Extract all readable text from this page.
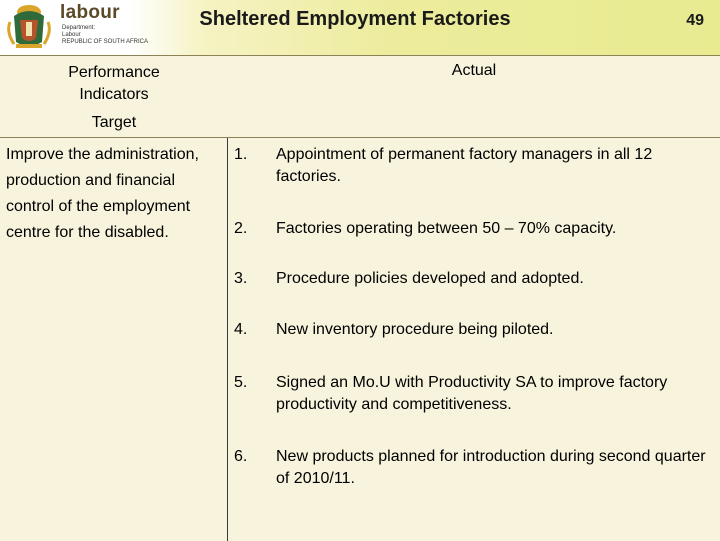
labour
Department:
Labour
REPUBLIC OF SOUTH AFRICA
Sheltered Employment Factories	49
Performance
Indicators
Target
Actual
Improve the administration, production and financial control of the employment centre for the disabled.
1. Appointment of permanent factory managers in all 12 factories.
2. Factories operating between 50 – 70% capacity.
3. Procedure policies developed and adopted.
4. New inventory procedure being piloted.
5. Signed an Mo.U with Productivity SA to improve factory productivity and competitiveness.
6. New products planned for introduction during second quarter of 2010/11.
